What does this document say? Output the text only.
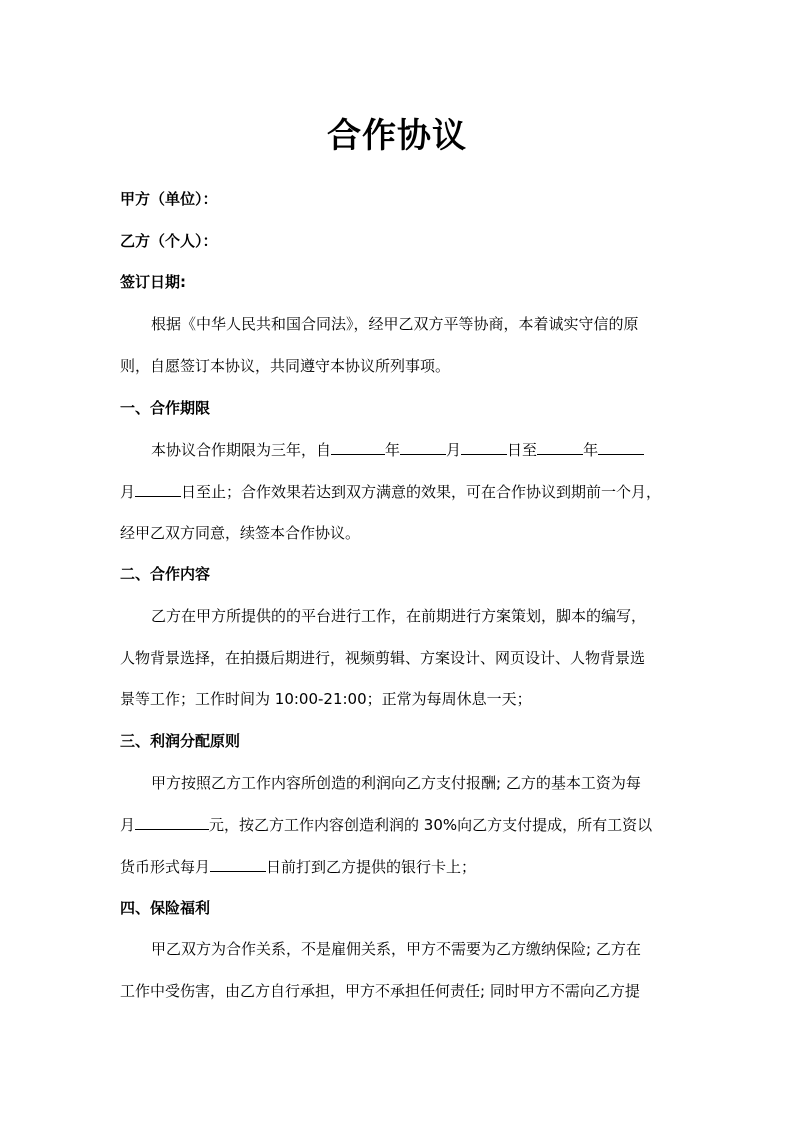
合作协议
甲方（单位）：
乙方（个人）：
签订日期:
根据《中华人民共和国合同法》，经甲乙双方平等协商，本着诚实守信的原
则，自愿签订本协议，共同遵守本协议所列事项。
一、合作期限
本协议合作期限为三年，自	年	月	日至	年
月	日至止；合作效果若达到双方满意的效果，可在合作协议到期前一个月，
经甲乙双方同意，续签本合作协议。
二、合作内容
乙方在甲方所提供的的平台进行工作，在前期进行方案策划，脚本的编写，
人物背景选择，在拍摄后期进行，视频剪辑、方案设计、网页设计、人物背景选
景等工作；工作时间为 10:00-21:00；正常为每周休息一天；
三、利润分配原则
甲方按照乙方工作内容所创造的利润向乙方支付报酬; 乙方的基本工资为每
月	元，按乙方工作内容创造利润的 30%向乙方支付提成，所有工资以
货币形式每月	日前打到乙方提供的银行卡上；
四、保险福利
甲乙双方为合作关系，不是雇佣关系，甲方不需要为乙方缴纳保险; 乙方在
工作中受伤害，由乙方自行承担，甲方不承担任何责任; 同时甲方不需向乙方提
